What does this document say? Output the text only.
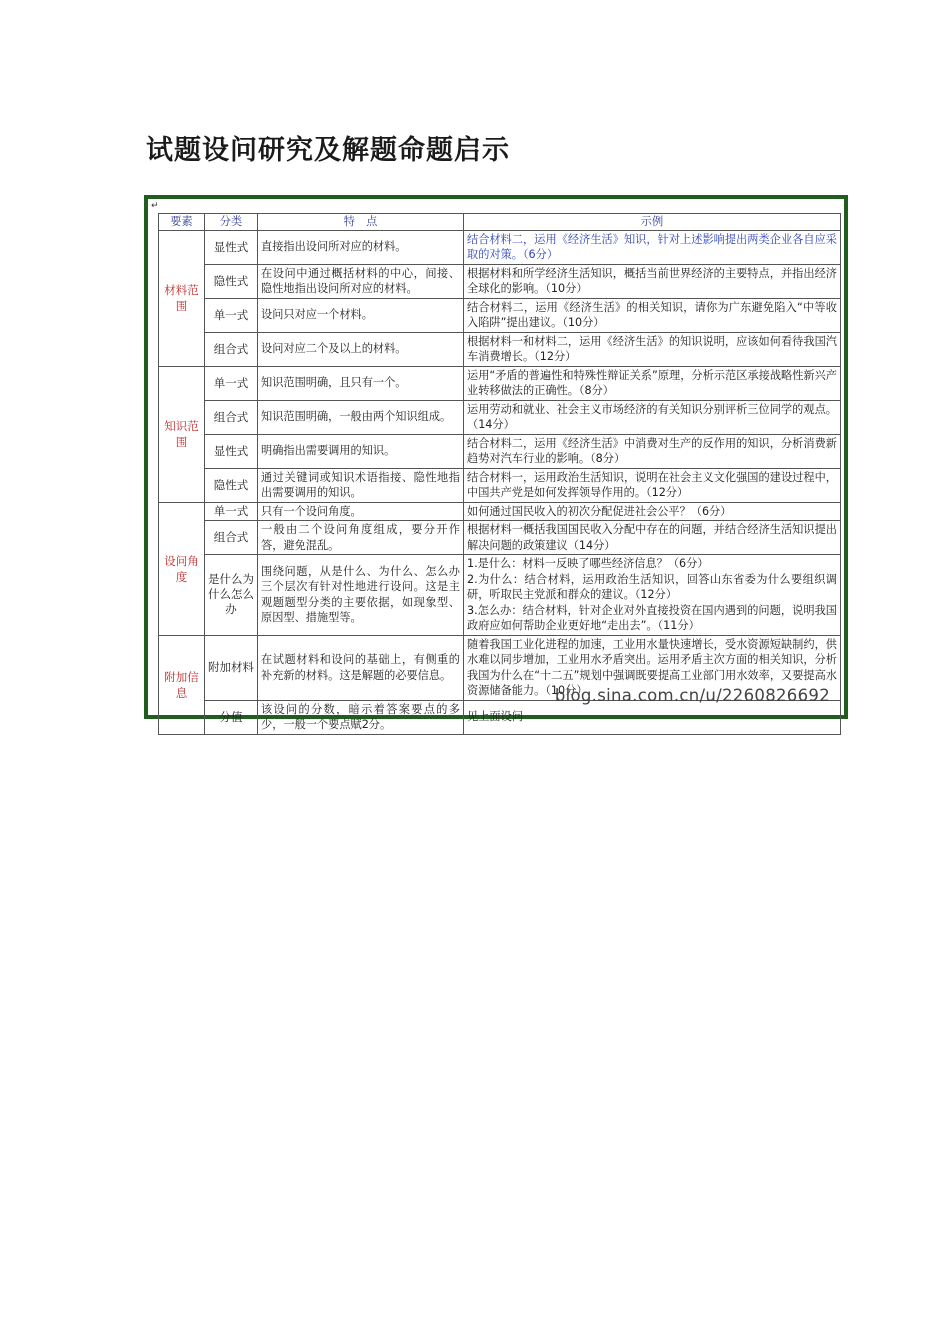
试题设问研究及解题命题启示
↵
要素	分类	特　点	示例
材料范围	显性式	直接指出设问所对应的材料。	结合材料二，运用《经济生活》知识，针对上述影响提出两类企业各自应采取的对策。（6分）
	隐性式	在设问中通过概括材料的中心，间接、隐性地指出设问所对应的材料。	根据材料和所学经济生活知识，概括当前世界经济的主要特点，并指出经济全球化的影响。（10分）
	单一式	设问只对应一个材料。	结合材料二，运用《经济生活》的相关知识，请你为广东避免陷入“中等收入陷阱”提出建议。（10分）
	组合式	设问对应二个及以上的材料。	根据材料一和材料二，运用《经济生活》的知识说明，应该如何看待我国汽车消费增长。（12分）
知识范围	单一式	知识范围明确，且只有一个。	运用“矛盾的普遍性和特殊性辩证关系”原理，分析示范区承接战略性新兴产业转移做法的正确性。（8分）
	组合式	知识范围明确，一般由两个知识组成。	运用劳动和就业、社会主义市场经济的有关知识分别评析三位同学的观点。（14分）
	显性式	明确指出需要调用的知识。	结合材料二，运用《经济生活》中消费对生产的反作用的知识，分析消费新趋势对汽车行业的影响。（8分）
	隐性式	通过关键词或知识术语指接、隐性地指出需要调用的知识。	结合材料一，运用政治生活知识，说明在社会主义文化强国的建设过程中，中国共产党是如何发挥领导作用的。（12分）
设问角度	单一式	只有一个设问角度。	如何通过国民收入的初次分配促进社会公平？（6分）
	组合式	一般由二个设问角度组成，要分开作答，避免混乱。	根据材料一概括我国国民收入分配中存在的问题，并结合经济生活知识提出解决问题的政策建议（14分）
	是什么为什么怎么办	围绕问题，从是什么、为什么、怎么办三个层次有针对性地进行设问。这是主观题题型分类的主要依据，如现象型、原因型、措施型等。	1.是什么：材料一反映了哪些经济信息？（6分）
2.为什么：结合材料，运用政治生活知识，回答山东省委为什么要组织调研，听取民主党派和群众的建议。（12分）
3.怎么办：结合材料，针对企业对外直接投资在国内遇到的问题，说明我国政府应如何帮助企业更好地“走出去”。（11分）

附加信息	附加材料	在试题材料和设问的基础上，有侧重的补充新的材料。这是解题的必要信息。	随着我国工业化进程的加速，工业用水量快速增长，受水资源短缺制约，供水难以同步增加，工业用水矛盾突出。运用矛盾主次方面的相关知识，分析我国为什么在“十二五”规划中强调既要提高工业部门用水效率，又要提高水资源储备能力。（10分）
	分值	该设问的分数，暗示着答案要点的多少，一般一个要点赋2分。	见上面设问
blog.sina.com.cn/u/2260826692
